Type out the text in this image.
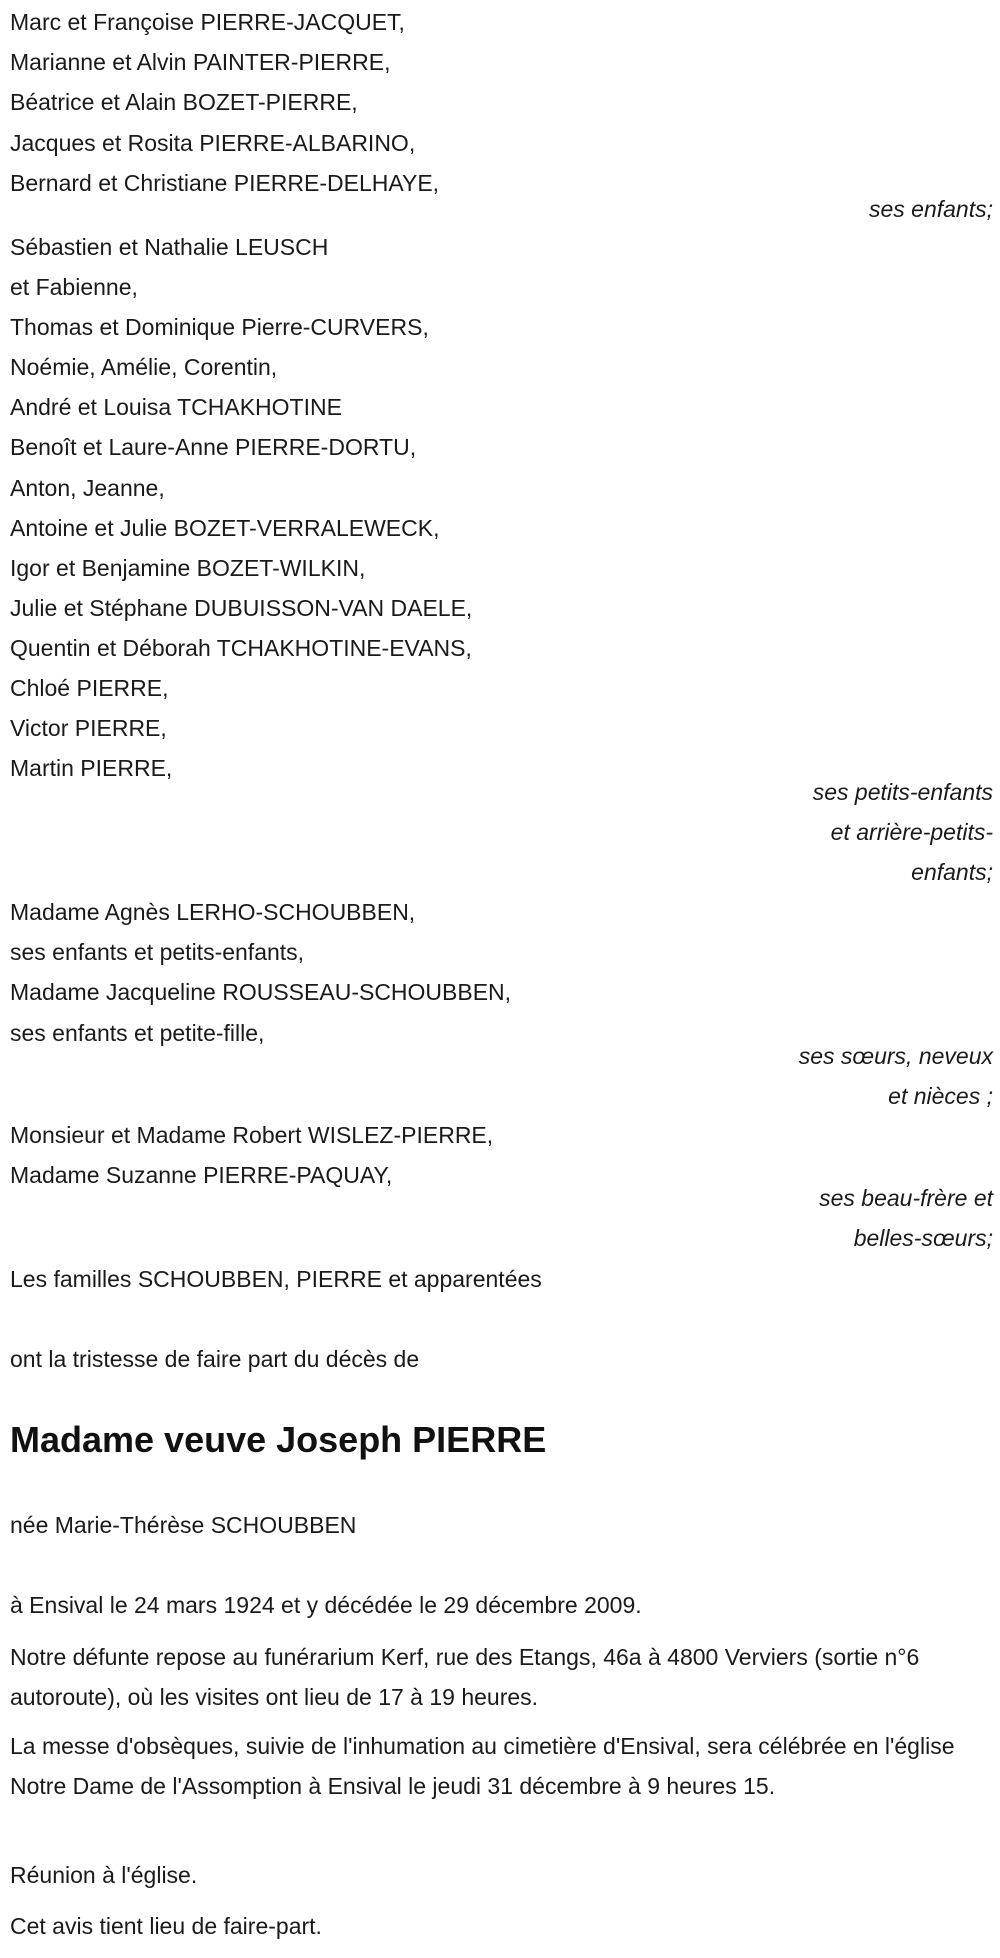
Marc et Françoise PIERRE-JACQUET,
Marianne et Alvin PAINTER-PIERRE,
Béatrice et Alain BOZET-PIERRE,
Jacques et Rosita PIERRE-ALBARINO,
Bernard et Christiane PIERRE-DELHAYE,
ses enfants;
Sébastien et Nathalie LEUSCH
et Fabienne,
Thomas et Dominique Pierre-CURVERS,
Noémie, Amélie, Corentin,
André et Louisa TCHAKHOTINE
Benoît et Laure-Anne PIERRE-DORTU,
Anton, Jeanne,
Antoine et Julie BOZET-VERRALEWECK,
Igor et Benjamine BOZET-WILKIN,
Julie et Stéphane DUBUISSON-VAN DAELE,
Quentin et Déborah TCHAKHOTINE-EVANS,
Chloé PIERRE,
Victor PIERRE,
Martin PIERRE,
ses petits-enfants
et arrière-petits-
enfants;
Madame Agnès LERHO-SCHOUBBEN,
ses enfants et petits-enfants,
Madame Jacqueline ROUSSEAU-SCHOUBBEN,
ses enfants et petite-fille,
ses sœurs, neveux
et nièces ;
Monsieur et Madame Robert WISLEZ-PIERRE,
Madame Suzanne PIERRE-PAQUAY,
ses beau-frère et
belles-sœurs;
Les familles SCHOUBBEN, PIERRE et apparentées
ont la tristesse de faire part du décès de
Madame veuve Joseph PIERRE
née Marie-Thérèse SCHOUBBEN
à Ensival le 24 mars 1924 et y décédée le 29 décembre 2009.
Notre défunte repose au funérarium Kerf, rue des Etangs, 46a à 4800 Verviers (sortie n°6 autoroute), où les visites ont lieu de 17 à 19 heures.
La messe d'obsèques, suivie de l'inhumation au cimetière d'Ensival, sera célébrée en l'église Notre Dame de l'Assomption à Ensival le jeudi 31 décembre à 9 heures 15.
Réunion à l'église.
Cet avis tient lieu de faire-part.
